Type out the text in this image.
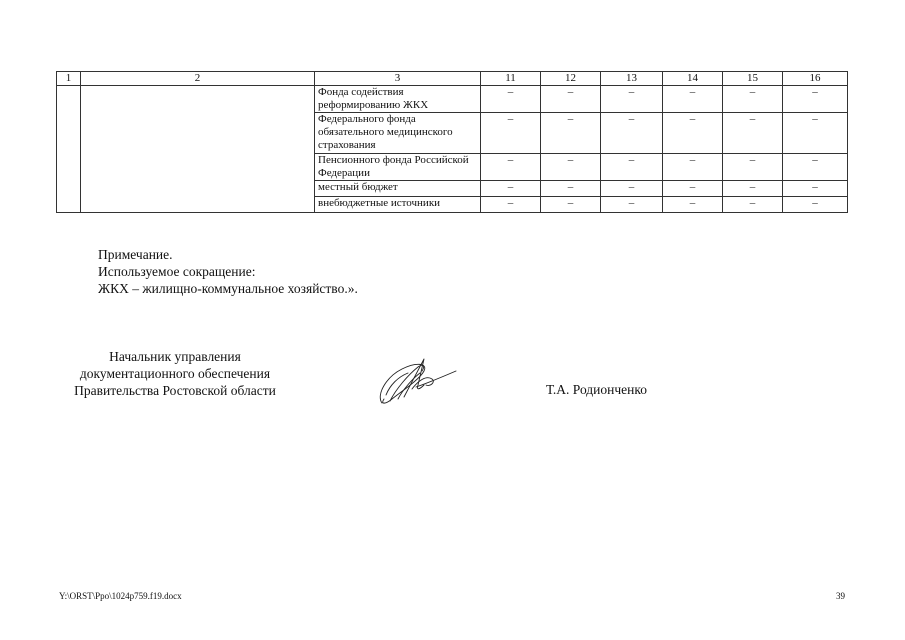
1	2	3	11	12	13	14	15	16
		Фонда содействия реформированию ЖКХ	–	–	–	–	–	–
		Федерального фонда обязательного медицинского страхования	–	–	–	–	–	–
		Пенсионного фонда Российской Федерации	–	–	–	–	–	–
		местный бюджет	–	–	–	–	–	–
		внебюджетные источники	–	–	–	–	–	–
Примечание.
Используемое сокращение:
ЖКХ – жилищно-коммунальное хозяйство.».
Начальник управления
документационного обеспечения
Правительства Ростовской области	Т.А. Родионченко
Y:\ORST\Ppo\1024p759.f19.docx	39
